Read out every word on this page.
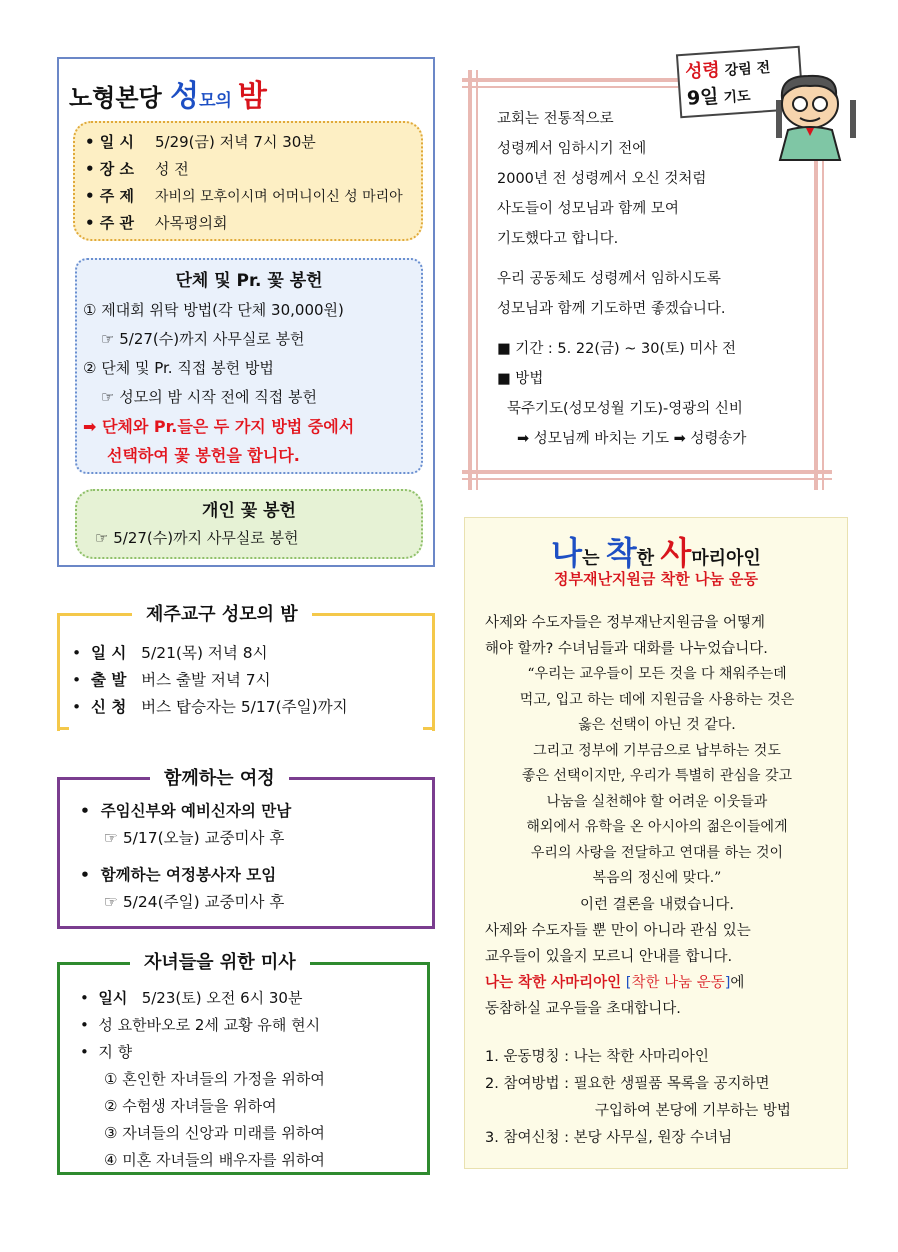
노형본당 성모의 밤
• 일 시 5/29(금) 저녁 7시 30분
• 장 소 성 전
• 주 제 자비의 모후이시며 어머니이신 성 마리아
• 주 관 사목평의회
단체 및 Pr. 꽃 봉헌
① 제대회 위탁 방법(각 단체 30,000원)
☞ 5/27(수)까지 사무실로 봉헌
② 단체 및 Pr. 직접 봉헌 방법
☞ 성모의 밤 시작 전에 직접 봉헌
➡ 단체와 Pr.들은 두 가지 방법 중에서
선택하여 꽃 봉헌을 합니다.
개인 꽃 봉헌
☞ 5/27(수)까지 사무실로 봉헌
제주교구 성모의 밤
•  일 시 5/21(목) 저녁 8시
•  출 발 버스 출발 저녁 7시
•  신 청 버스 탑승자는 5/17(주일)까지
함께하는 여정
•  주임신부와 예비신자의 만남
☞ 5/17(오늘) 교중미사 후
•  함께하는 여정봉사자 모임
☞ 5/24(주일) 교중미사 후
자녀들을 위한 미사
•  일시 5/23(토) 오전 6시 30분
•  성 요한바오로 2세 교황 유해 현시
•  지 향
① 혼인한 자녀들의 가정을 위하여
② 수험생 자녀들을 위하여
③ 자녀들의 신앙과 미래를 위하여
④ 미혼 자녀들의 배우자를 위하여
성령 강림 전
9일 기도
교회는 전통적으로
성령께서 임하시기 전에
2000년 전 성령께서 오신 것처럼
사도들이 성모님과 함께 모여
기도했다고 합니다.
우리 공동체도 성령께서 임하시도록
성모님과 함께 기도하면 좋겠습니다.
■ 기간 : 5. 22(금) ~ 30(토) 미사 전
■ 방법
묵주기도(성모성월 기도)-영광의 신비
➡ 성모님께 바치는 기도 ➡ 성령송가
나는 착한 사마리아인
정부재난지원금 착한 나눔 운동
사제와 수도자들은 정부재난지원금을 어떻게
해야 할까? 수녀님들과 대화를 나누었습니다.
“우리는 교우들이 모든 것을 다 채워주는데
먹고, 입고 하는 데에 지원금을 사용하는 것은
옳은 선택이 아닌 것 같다.
그리고 정부에 기부금으로 납부하는 것도
좋은 선택이지만, 우리가 특별히 관심을 갖고
나눔을 실천해야 할 어려운 이웃들과
해외에서 유학을 온 아시아의 젊은이들에게
우리의 사랑을 전달하고 연대를 하는 것이
복음의 정신에 맞다.”
이런 결론을 내렸습니다.
사제와 수도자들 뿐 만이 아니라 관심 있는
교우들이 있을지 모르니 안내를 합니다.
나는 착한 사마리아인 [착한 나눔 운동]에
동참하실 교우들을 초대합니다.
1. 운동명칭 : 나는 착한 사마리아인
2. 참여방법 : 필요한 생필품 목록을 공지하면
구입하여 본당에 기부하는 방법
3. 참여신청 : 본당 사무실, 원장 수녀님
